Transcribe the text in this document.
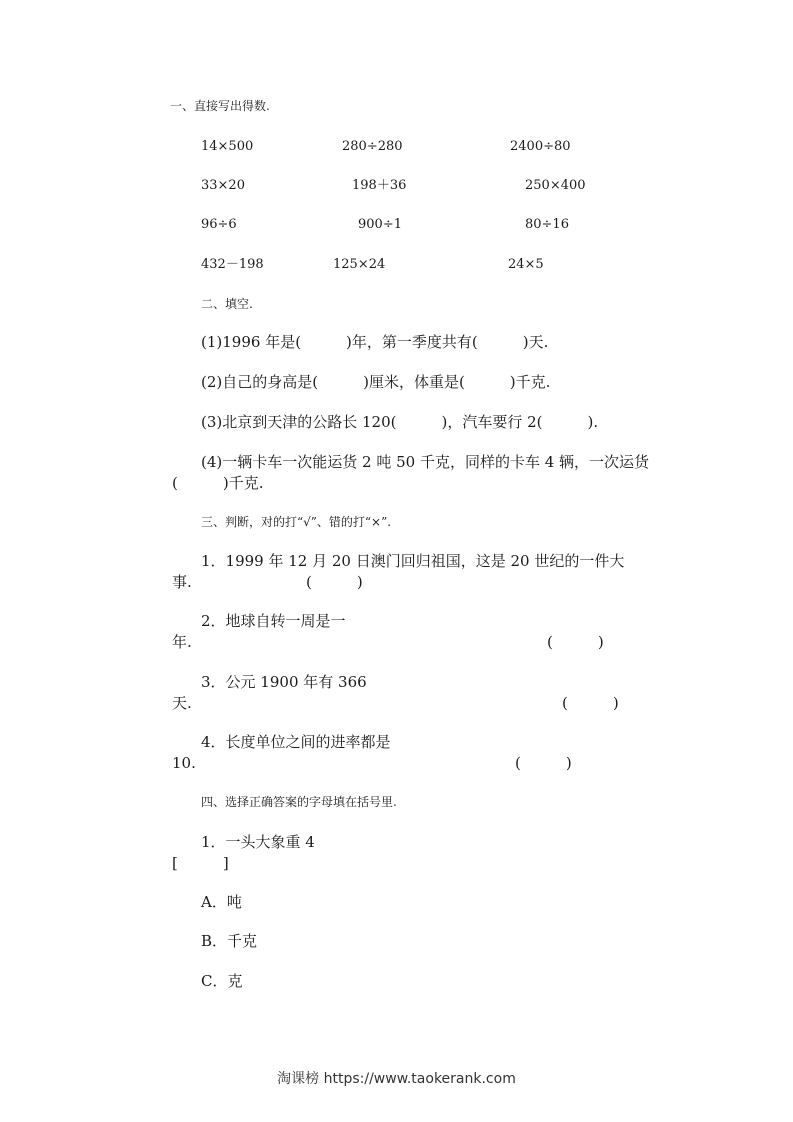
一、直接写出得数.
14×500	280÷280	2400÷80
33×20	198＋36	250×400
96÷6	900÷1	80÷16
432－198	125×24	24×5
二、填空.
(1)1996 年是(　　　)年，第一季度共有(　　　)天.
(2)自己的身高是(　　　)厘米，体重是(　　　)千克.
(3)北京到天津的公路长 120(　　　)，汽车要行 2(　　　).
(4)一辆卡车一次能运货 2 吨 50 千克，同样的卡车 4 辆，一次运货
(　　　)千克.
三、判断，对的打“√”、错的打“×”.
1．1999 年 12 月 20 日澳门回归祖国，这是 20 世纪的一件大
事.	(　　　)
2．地球自转一周是一
年.	(　　　)
3．公元 1900 年有 366
天.	(　　　)
4．长度单位之间的进率都是
10.	(　　　)
四、选择正确答案的字母填在括号里.
1．一头大象重 4
[　　　]
A．吨
B．千克
C．克
淘课榜 https://www.taokerank.com
